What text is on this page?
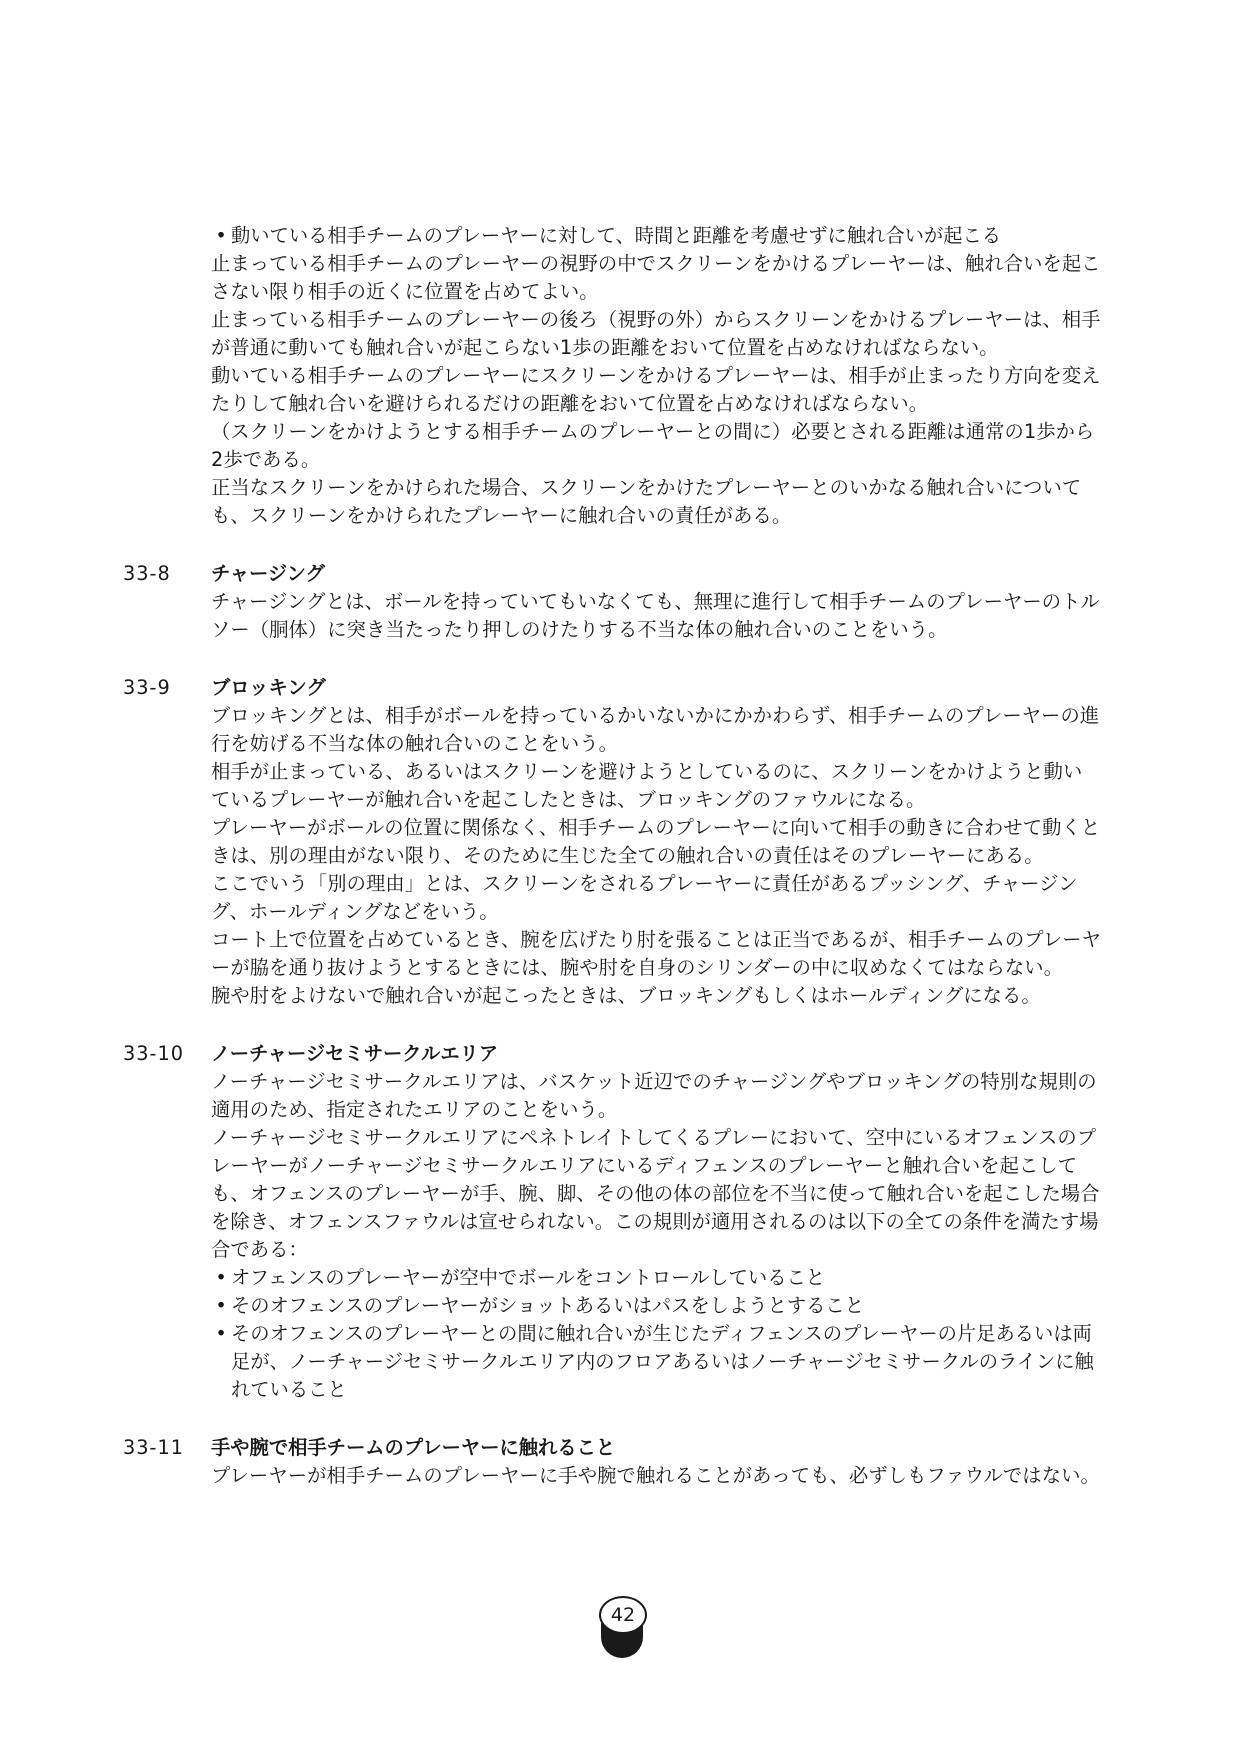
• 動いている相手チームのプレーヤーに対して、時間と距離を考慮せずに触れ合いが起こる

止まっている相手チームのプレーヤーの視野の中でスクリーンをかけるプレーヤーは、触れ合いを起こさない限り相手の近くに位置を占めてよい。

止まっている相手チームのプレーヤーの後ろ（視野の外）からスクリーンをかけるプレーヤーは、相手が普通に動いても触れ合いが起こらない1歩の距離をおいて位置を占めなければならない。

動いている相手チームのプレーヤーにスクリーンをかけるプレーヤーは、相手が止まったり方向を変えたりして触れ合いを避けられるだけの距離をおいて位置を占めなければならない。

（スクリーンをかけようとする相手チームのプレーヤーとの間に）必要とされる距離は通常の1歩から2歩である。

正当なスクリーンをかけられた場合、スクリーンをかけたプレーヤーとのいかなる触れ合いについても、スクリーンをかけられたプレーヤーに触れ合いの責任がある。

33-8	チャージング

チャージングとは、ボールを持っていてもいなくても、無理に進行して相手チームのプレーヤーのトルソー（胴体）に突き当たったり押しのけたりする不当な体の触れ合いのことをいう。

33-9	ブロッキング

ブロッキングとは、相手がボールを持っているかいないかにかかわらず、相手チームのプレーヤーの進行を妨げる不当な体の触れ合いのことをいう。

相手が止まっている、あるいはスクリーンを避けようとしているのに、スクリーンをかけようと動いているプレーヤーが触れ合いを起こしたときは、ブロッキングのファウルになる。

プレーヤーがボールの位置に関係なく、相手チームのプレーヤーに向いて相手の動きに合わせて動くときは、別の理由がない限り、そのために生じた全ての触れ合いの責任はそのプレーヤーにある。

ここでいう「別の理由」とは、スクリーンをされるプレーヤーに責任があるプッシング、チャージング、ホールディングなどをいう。

コート上で位置を占めているとき、腕を広げたり肘を張ることは正当であるが、相手チームのプレーヤーが脇を通り抜けようとするときには、腕や肘を自身のシリンダーの中に収めなくてはならない。

腕や肘をよけないで触れ合いが起こったときは、ブロッキングもしくはホールディングになる。

33-10	ノーチャージセミサークルエリア

ノーチャージセミサークルエリアは、バスケット近辺でのチャージングやブロッキングの特別な規則の適用のため、指定されたエリアのことをいう。

ノーチャージセミサークルエリアにペネトレイトしてくるプレーにおいて、空中にいるオフェンスのプレーヤーがノーチャージセミサークルエリアにいるディフェンスのプレーヤーと触れ合いを起こしても、オフェンスのプレーヤーが手、腕、脚、その他の体の部位を不当に使って触れ合いを起こした場合を除き、オフェンスファウルは宣せられない。この規則が適用されるのは以下の全ての条件を満たす場合である：

• オフェンスのプレーヤーが空中でボールをコントロールしていること
• そのオフェンスのプレーヤーがショットあるいはパスをしようとすること
• そのオフェンスのプレーヤーとの間に触れ合いが生じたディフェンスのプレーヤーの片足あるいは両足が、ノーチャージセミサークルエリア内のフロアあるいはノーチャージセミサークルのラインに触れていること
33-11	手や腕で相手チームのプレーヤーに触れること

プレーヤーが相手チームのプレーヤーに手や腕で触れることがあっても、必ずしもファウルではない。

42
